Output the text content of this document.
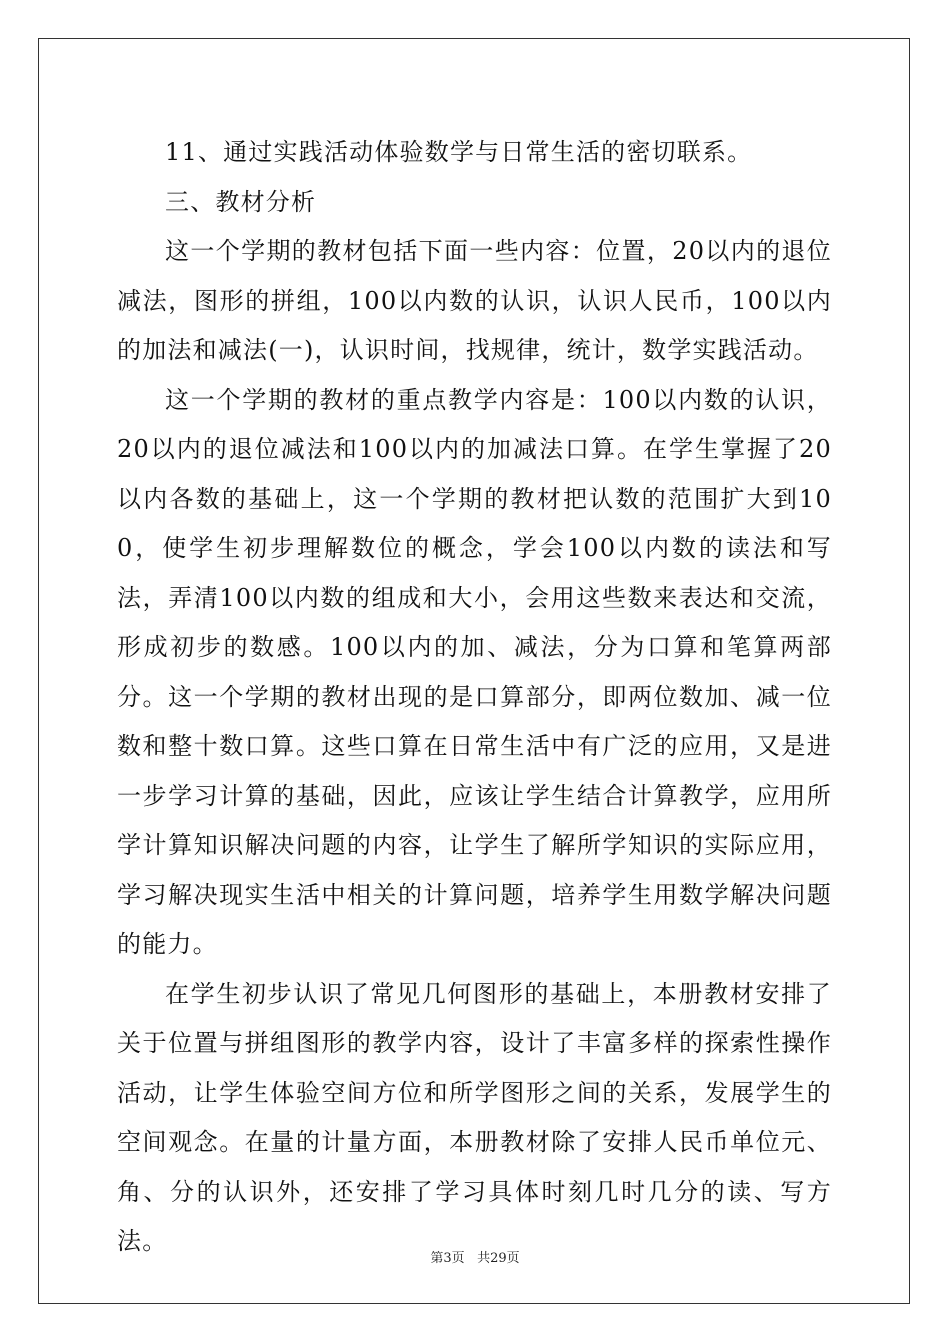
11、通过实践活动体验数学与日常生活的密切联系。

三、教材分析

这一个学期的教材包括下面一些内容：位置，20以内的退位减法，图形的拼组，100以内数的认识，认识人民币，100以内的加法和减法(一)，认识时间，找规律，统计，数学实践活动。

这一个学期的教材的重点教学内容是：100以内数的认识，20以内的退位减法和100以内的加减法口算。在学生掌握了20以内各数的基础上，这一个学期的教材把认数的范围扩大到100，使学生初步理解数位的概念，学会100以内数的读法和写法，弄清100以内数的组成和大小，会用这些数来表达和交流，形成初步的数感。100以内的加、减法，分为口算和笔算两部分。这一个学期的教材出现的是口算部分，即两位数加、减一位数和整十数口算。这些口算在日常生活中有广泛的应用，又是进一步学习计算的基础，因此，应该让学生结合计算教学，应用所学计算知识解决问题的内容，让学生了解所学知识的实际应用，学习解决现实生活中相关的计算问题，培养学生用数学解决问题的能力。

在学生初步认识了常见几何图形的基础上，本册教材安排了关于位置与拼组图形的教学内容，设计了丰富多样的探索性操作活动，让学生体验空间方位和所学图形之间的关系，发展学生的空间观念。在量的计量方面，本册教材除了安排人民币单位元、角、分的认识外，还安排了学习具体时刻几时几分的读、写方法。

第3页 共29页
